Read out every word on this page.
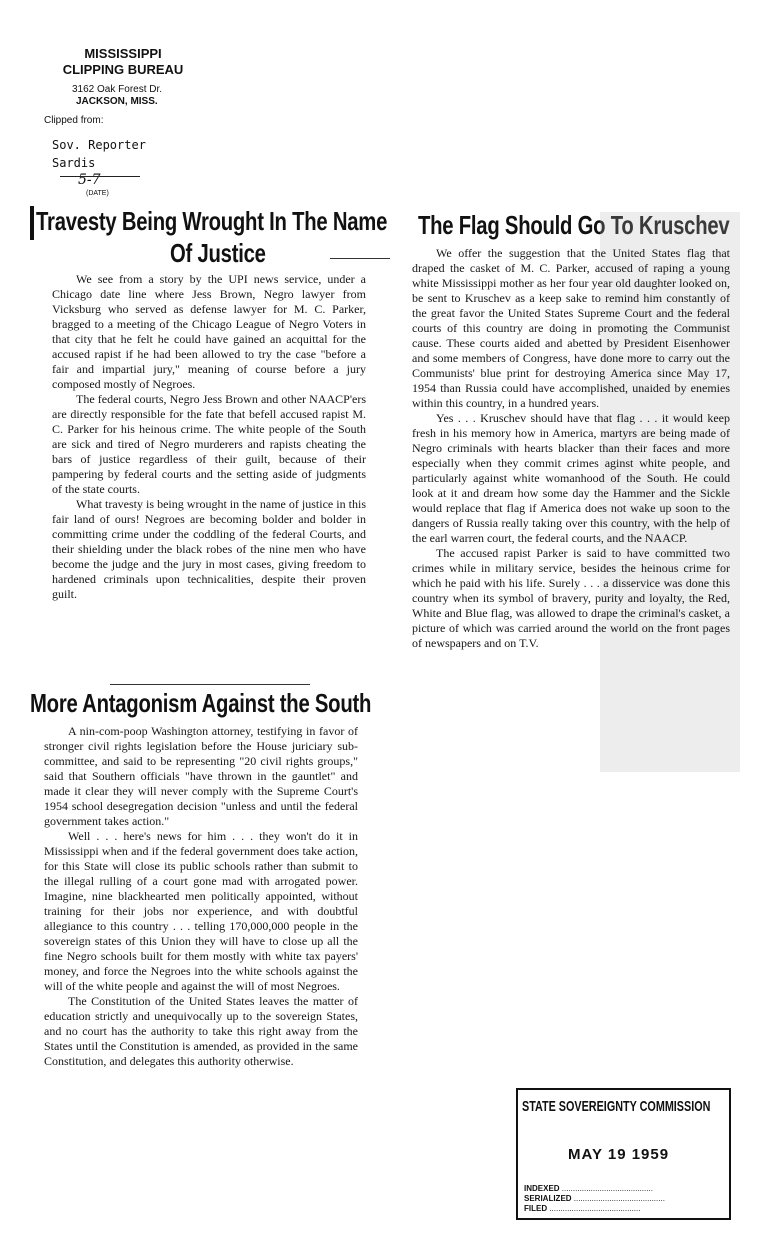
MISSISSIPPI
CLIPPING BUREAU
3162 Oak Forest Dr.
JACKSON, MISS.
Clipped from:
Sov. Reporter
Sardis
5-7
(DATE)
Travesty Being Wrought In The Name
Of Justice

We see from a story by the UPI news service, under a Chicago date line where Jess Brown, Negro lawyer from Vicksburg who served as defense lawyer for M. C. Parker, bragged to a meeting of the Chicago League of Negro Voters in that city that he felt he could have gained an acquittal for the accused rapist if he had been allowed to try the case "before a fair and impartial jury," meaning of course before a jury composed mostly of Negroes.

The federal courts, Negro Jess Brown and other NAACP'ers are directly responsible for the fate that befell accused rapist M. C. Parker for his heinous crime. The white people of the South are sick and tired of Negro murderers and rapists cheating the bars of justice regardless of their guilt, because of their pampering by federal courts and the setting aside of judgments of the state courts.

What travesty is being wrought in the name of justice in this fair land of ours! Negroes are becoming bolder and bolder in committing crime under the coddling of the federal Courts, and their shielding under the black robes of the nine men who have become the judge and the jury in most cases, giving freedom to hardened criminals upon technicalities, despite their proven guilt.

More Antagonism Against the South

A nin-com-poop Washington attorney, testifying in favor of stronger civil rights legislation before the House juriciary sub-committee, and said to be representing "20 civil rights groups," said that Southern officials "have thrown in the gauntlet" and made it clear they will never comply with the Supreme Court's 1954 school desegregation decision "unless and until the federal government takes action."

Well . . . here's news for him . . . they won't do it in Mississippi when and if the federal government does take action, for this State will close its public schools rather than submit to the illegal rulling of a court gone mad with arrogated power. Imagine, nine blackhearted men politically appointed, without training for their jobs nor experience, and with doubtful allegiance to this country . . . telling 170,000,000 people in the sovereign states of this Union they will have to close up all the fine Negro schools built for them mostly with white tax payers' money, and force the Negroes into the white schools against the will of the white people and against the will of most Negroes.

The Constitution of the United States leaves the matter of education strictly and unequivocally up to the sovereign States, and no court has the authority to take this right away from the States until the Constitution is amended, as provided in the same Constitution, and delegates this authority otherwise.

The Flag Should Go To Kruschev

We offer the suggestion that the United States flag that draped the casket of M. C. Parker, accused of raping a young white Mississippi mother as her four year old daughter looked on, be sent to Kruschev as a keep sake to remind him constantly of the great favor the United States Supreme Court and the federal courts of this country are doing in promoting the Communist cause. These courts aided and abetted by President Eisenhower and some members of Congress, have done more to carry out the Communists' blue print for destroying America since May 17, 1954 than Russia could have accomplished, unaided by enemies within this country, in a hundred years.

Yes . . . Kruschev should have that flag . . . it would keep fresh in his memory how in America, martyrs are being made of Negro criminals with hearts blacker than their faces and more especially when they commit crimes aginst white people, and particularly against white womanhood of the South. He could look at it and dream how some day the Hammer and the Sickle would replace that flag if America does not wake up soon to the dangers of Russia really taking over this country, with the help of the earl warren court, the federal courts, and the NAACP.

The accused rapist Parker is said to have committed two crimes while in military service, besides the heinous crime for which he paid with his life. Surely . . . a disservice was done this country when its symbol of bravery, purity and loyalty, the Red, White and Blue flag, was allowed to drape the criminal's casket, a picture of which was carried around the world on the front pages of newspapers and on T.V.

STATE SOVEREIGNTY COMMISSION
MAY 19 1959
INDEXED .....
SERIALIZED .....
FILED .....
